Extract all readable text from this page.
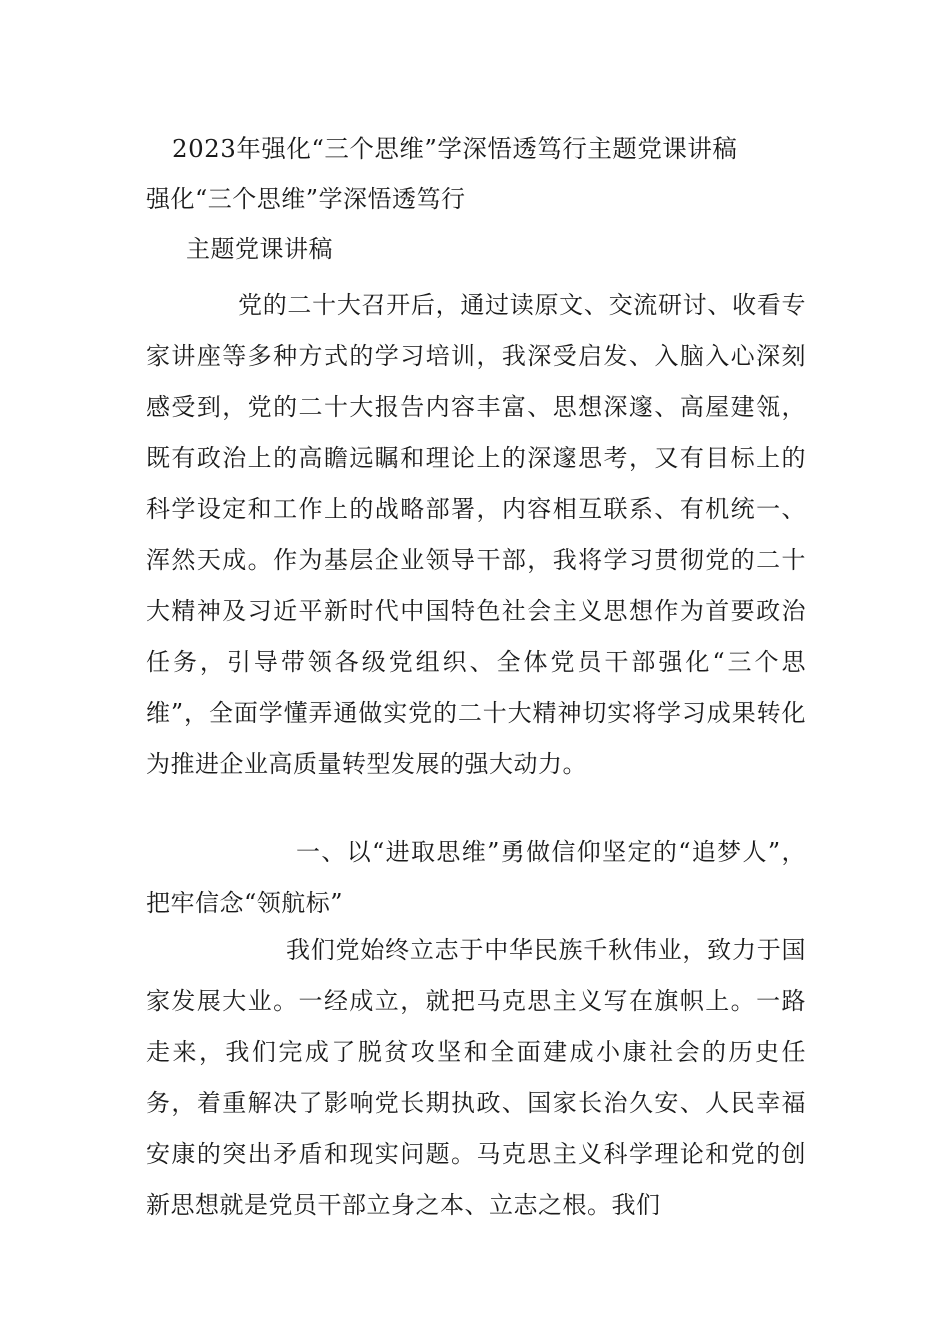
2023年强化“三个思维”学深悟透笃行主题党课讲稿
强化“三个思维”学深悟透笃行
主题党课讲稿
党的二十大召开后，通过读原文、交流研讨、收看专家讲座等多种方式的学习培训，我深受启发、入脑入心深刻感受到，党的二十大报告内容丰富、思想深邃、高屋建瓴，既有政治上的高瞻远瞩和理论上的深邃思考，又有目标上的科学设定和工作上的战略部署，内容相互联系、有机统一、浑然天成。作为基层企业领导干部，我将学习贯彻党的二十大精神及习近平新时代中国特色社会主义思想作为首要政治任务，引导带领各级党组织、全体党员干部强化“三个思维”，全面学懂弄通做实党的二十大精神切实将学习成果转化为推进企业高质量转型发展的强大动力。
一、以“进取思维”勇做信仰坚定的“追梦人”，把牢信念“领航标”
我们党始终立志于中华民族千秋伟业，致力于国家发展大业。一经成立，就把马克思主义写在旗帜上。一路走来，我们完成了脱贫攻坚和全面建成小康社会的历史任务，着重解决了影响党长期执政、国家长治久安、人民幸福安康的突出矛盾和现实问题。马克思主义科学理论和党的创新思想就是党员干部立身之本、立志之根。我们
